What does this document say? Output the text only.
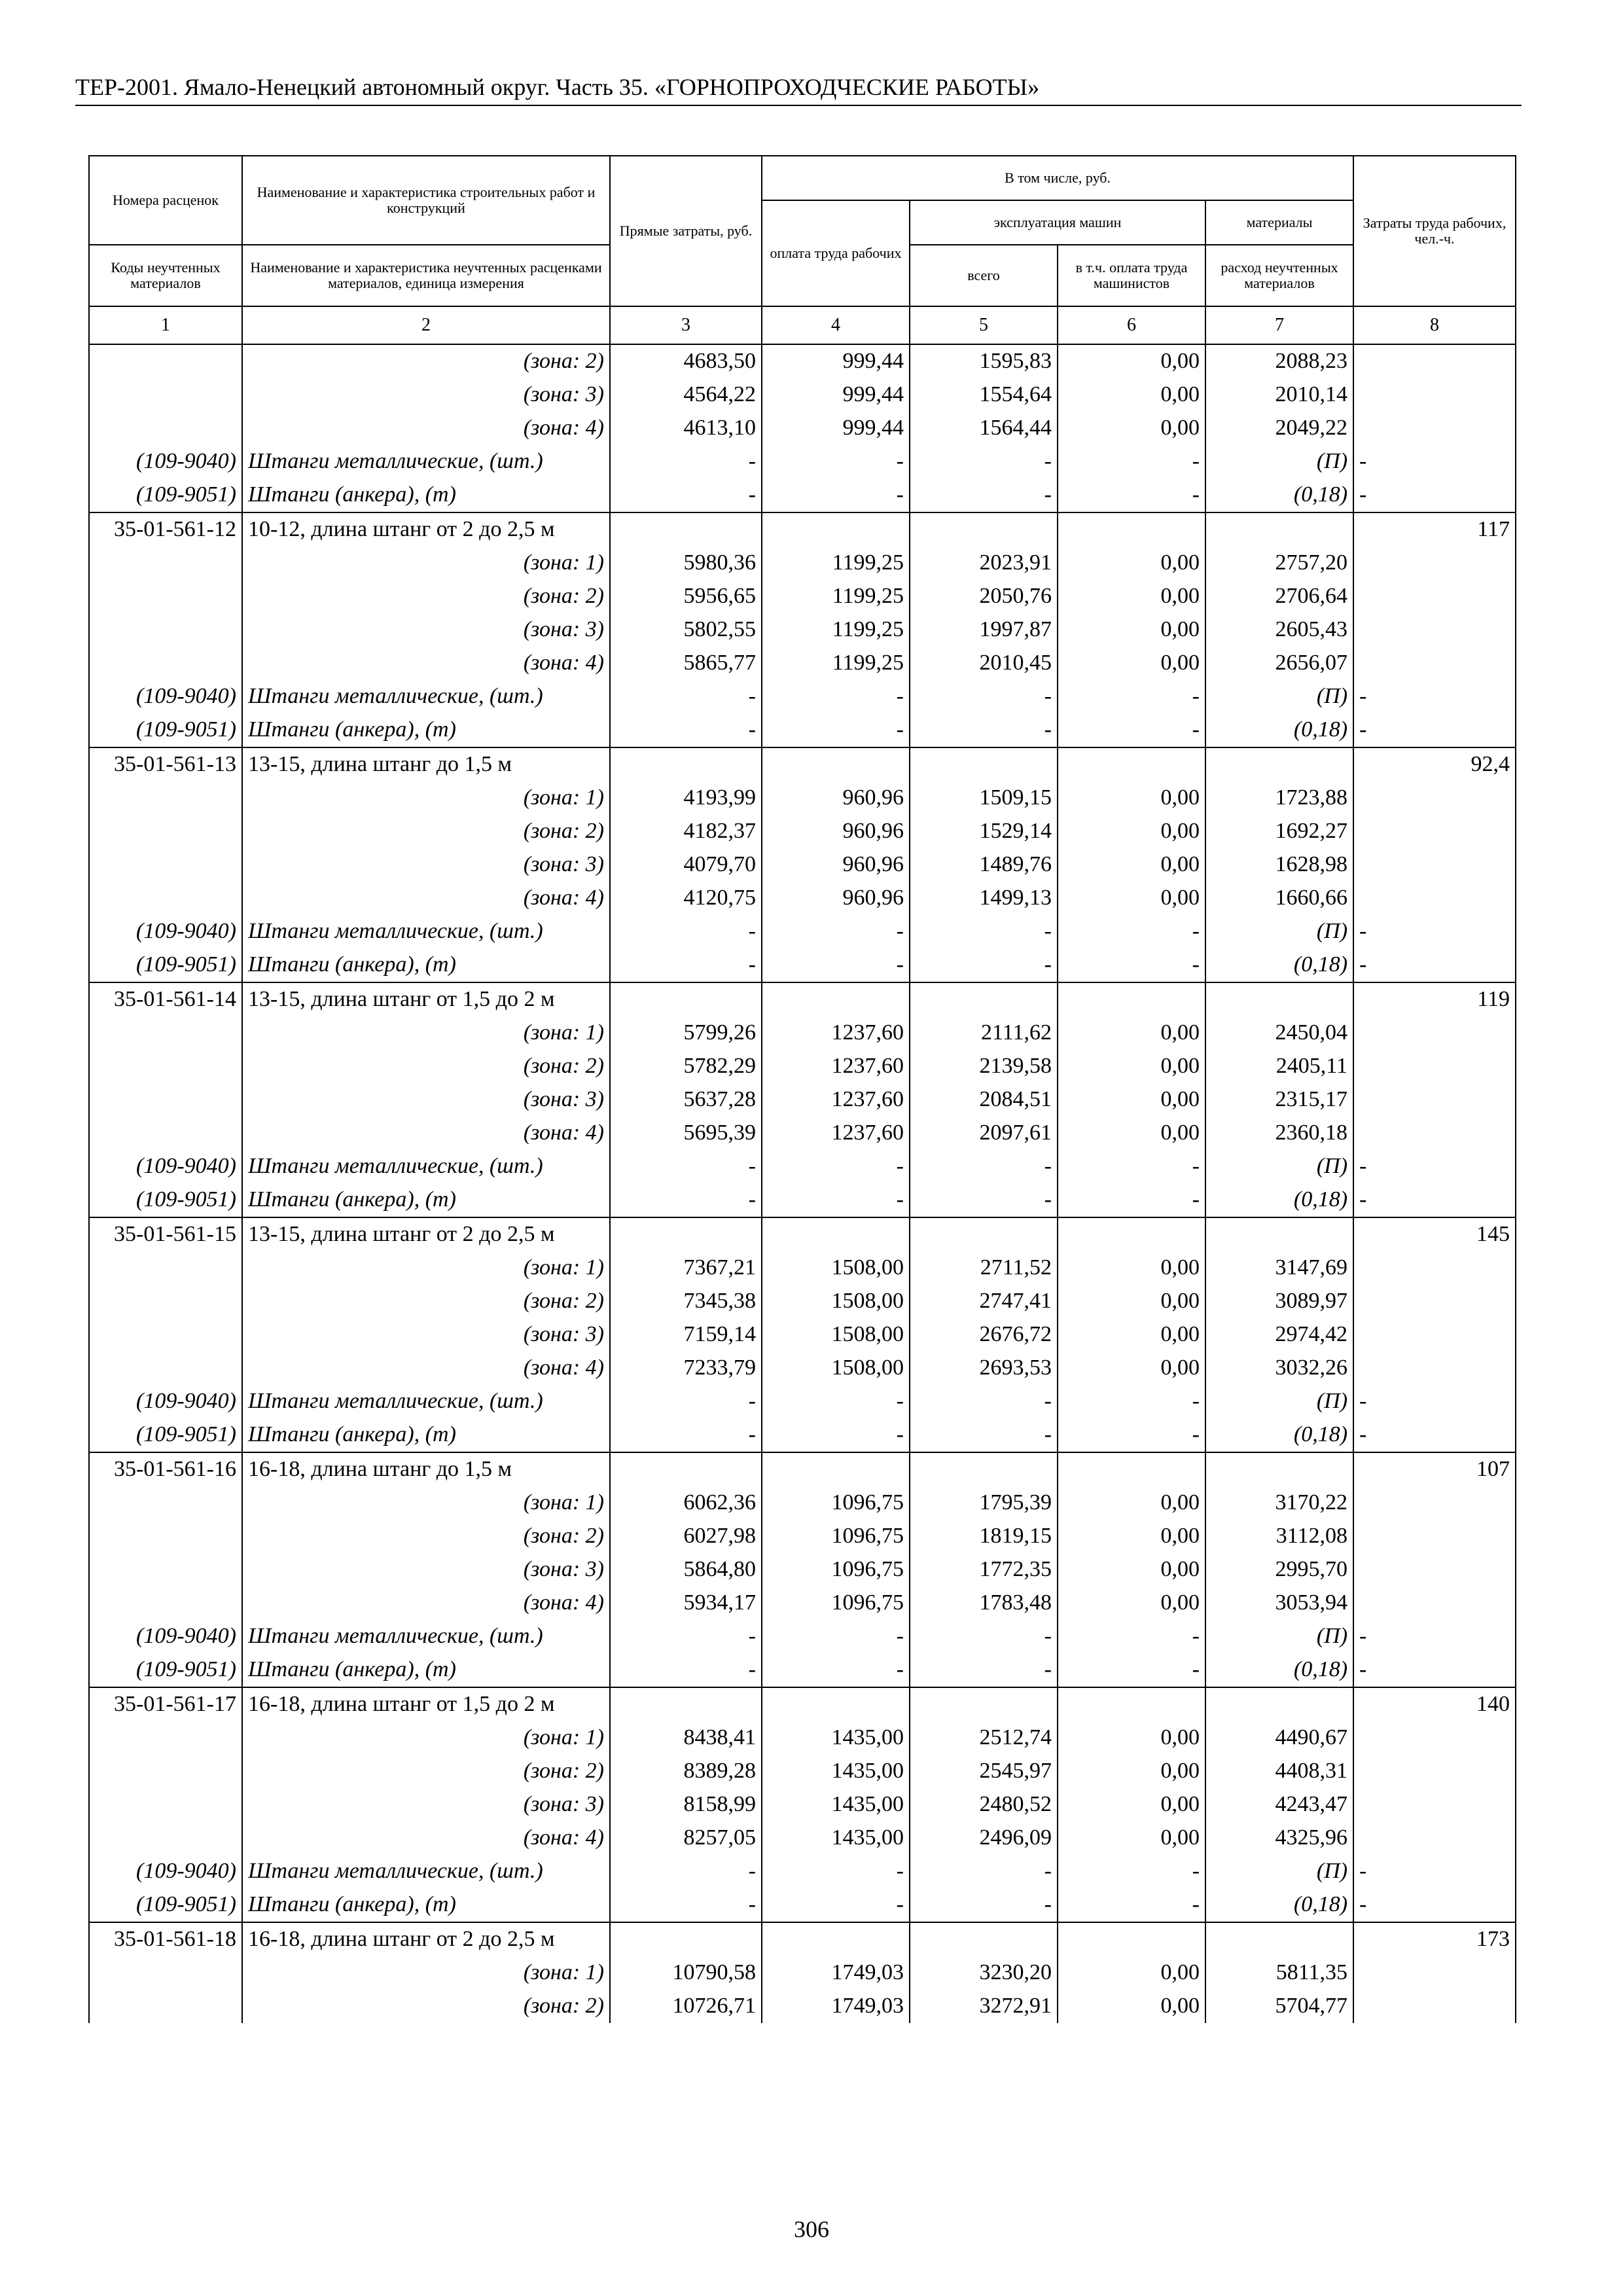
ТЕР-2001. Ямало-Ненецкий автономный округ. Часть 35. «ГОРНОПРОХОДЧЕСКИЕ РАБОТЫ»
Номера расценок	Наименование и характеристика строительных работ и конструкций	Прямые затраты, руб.	В том числе, руб.				Затраты труда рабочих, чел.-ч.
			оплата труда рабочих	эксплуатация машин		материалы	
Коды неучтенных материалов	Наименование и характеристика неучтенных расценками материалов, единица измерения			всего	в т.ч. оплата труда машинистов	расход неучтенных материалов	
1	2	3	4	5	6	7	8
	(зона: 2)	4683,50	999,44	1595,83	0,00	2088,23	
	(зона: 3)	4564,22	999,44	1554,64	0,00	2010,14	
	(зона: 4)	4613,10	999,44	1564,44	0,00	2049,22	
(109-9040)	Штанги металлические, (шт.)	-	-	-	-	(П)	-
(109-9051)	Штанги (анкера), (т)	-	-	-	-	(0,18)	-
35-01-561-12	10-12, длина штанг от 2 до 2,5 м						117
	(зона: 1)	5980,36	1199,25	2023,91	0,00	2757,20	
	(зона: 2)	5956,65	1199,25	2050,76	0,00	2706,64	
	(зона: 3)	5802,55	1199,25	1997,87	0,00	2605,43	
	(зона: 4)	5865,77	1199,25	2010,45	0,00	2656,07	
(109-9040)	Штанги металлические, (шт.)	-	-	-	-	(П)	-
(109-9051)	Штанги (анкера), (т)	-	-	-	-	(0,18)	-
35-01-561-13	13-15, длина штанг до 1,5 м						92,4
	(зона: 1)	4193,99	960,96	1509,15	0,00	1723,88	
	(зона: 2)	4182,37	960,96	1529,14	0,00	1692,27	
	(зона: 3)	4079,70	960,96	1489,76	0,00	1628,98	
	(зона: 4)	4120,75	960,96	1499,13	0,00	1660,66	
(109-9040)	Штанги металлические, (шт.)	-	-	-	-	(П)	-
(109-9051)	Штанги (анкера), (т)	-	-	-	-	(0,18)	-
35-01-561-14	13-15, длина штанг от 1,5 до 2 м						119
	(зона: 1)	5799,26	1237,60	2111,62	0,00	2450,04	
	(зона: 2)	5782,29	1237,60	2139,58	0,00	2405,11	
	(зона: 3)	5637,28	1237,60	2084,51	0,00	2315,17	
	(зона: 4)	5695,39	1237,60	2097,61	0,00	2360,18	
(109-9040)	Штанги металлические, (шт.)	-	-	-	-	(П)	-
(109-9051)	Штанги (анкера), (т)	-	-	-	-	(0,18)	-
35-01-561-15	13-15, длина штанг от 2 до 2,5 м						145
	(зона: 1)	7367,21	1508,00	2711,52	0,00	3147,69	
	(зона: 2)	7345,38	1508,00	2747,41	0,00	3089,97	
	(зона: 3)	7159,14	1508,00	2676,72	0,00	2974,42	
	(зона: 4)	7233,79	1508,00	2693,53	0,00	3032,26	
(109-9040)	Штанги металлические, (шт.)	-	-	-	-	(П)	-
(109-9051)	Штанги (анкера), (т)	-	-	-	-	(0,18)	-
35-01-561-16	16-18, длина штанг до 1,5 м						107
	(зона: 1)	6062,36	1096,75	1795,39	0,00	3170,22	
	(зона: 2)	6027,98	1096,75	1819,15	0,00	3112,08	
	(зона: 3)	5864,80	1096,75	1772,35	0,00	2995,70	
	(зона: 4)	5934,17	1096,75	1783,48	0,00	3053,94	
(109-9040)	Штанги металлические, (шт.)	-	-	-	-	(П)	-
(109-9051)	Штанги (анкера), (т)	-	-	-	-	(0,18)	-
35-01-561-17	16-18, длина штанг от 1,5 до 2 м						140
	(зона: 1)	8438,41	1435,00	2512,74	0,00	4490,67	
	(зона: 2)	8389,28	1435,00	2545,97	0,00	4408,31	
	(зона: 3)	8158,99	1435,00	2480,52	0,00	4243,47	
	(зона: 4)	8257,05	1435,00	2496,09	0,00	4325,96	
(109-9040)	Штанги металлические, (шт.)	-	-	-	-	(П)	-
(109-9051)	Штанги (анкера), (т)	-	-	-	-	(0,18)	-
35-01-561-18	16-18, длина штанг от 2 до 2,5 м						173
	(зона: 1)	10790,58	1749,03	3230,20	0,00	5811,35	
	(зона: 2)	10726,71	1749,03	3272,91	0,00	5704,77	
306
